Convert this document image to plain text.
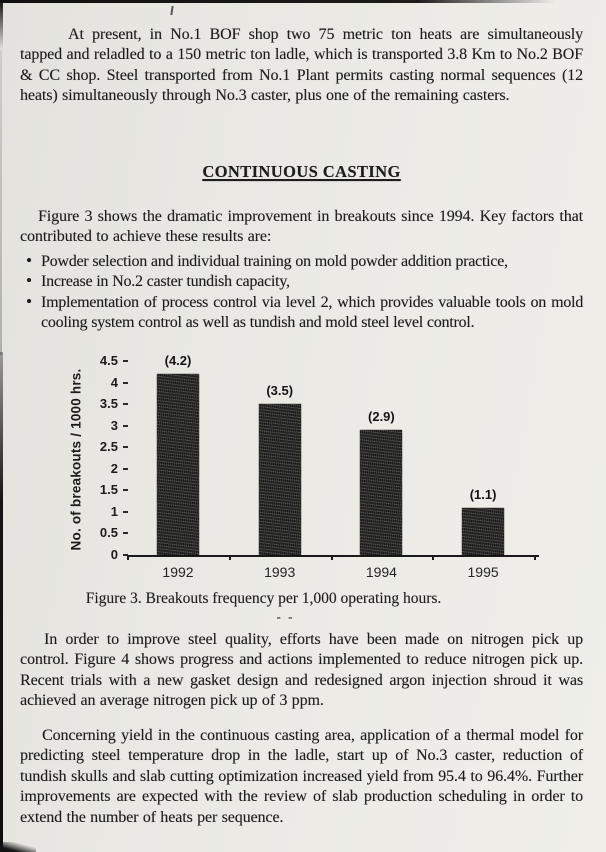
At present, in No.1 BOF shop two 75 metric ton heats are simultaneously tapped and reladled to a 150 metric ton ladle, which is transported 3.8 Km to No.2 BOF & CC shop. Steel transported from No.1 Plant permits casting normal sequences (12 heats) simultaneously through No.3 caster, plus one of the remaining casters.

CONTINUOUS CASTING

Figure 3 shows the dramatic improvement in breakouts since 1994. Key factors that contributed to achieve these results are:

• Powder selection and individual training on mold powder addition practice,
• Increase in No.2 caster tundish capacity,
• Implementation of process control via level 2, which provides valuable tools on mold cooling system control as well as tundish and mold steel level control.
No. of breakouts / 1000 hrs.
4.5
4
3.5
3
2.5
2
1.5
1
0.5
0
(4.2)
1992
(3.5)
1993
(2.9)
1994
(1.1)
1995

Figure 3. Breakouts frequency per 1,000 operating hours.

- -

In order to improve steel quality, efforts have been made on nitrogen pick up control. Figure 4 shows progress and actions implemented to reduce nitrogen pick up. Recent trials with a new gasket design and redesigned argon injection shroud it was achieved an average nitrogen pick up of 3 ppm.

Concerning yield in the continuous casting area, application of a thermal model for predicting steel temperature drop in the ladle, start up of No.3 caster, reduction of tundish skulls and slab cutting optimization increased yield from 95.4 to 96.4%. Further improvements are expected with the review of slab production scheduling in order to extend the number of heats per sequence.
